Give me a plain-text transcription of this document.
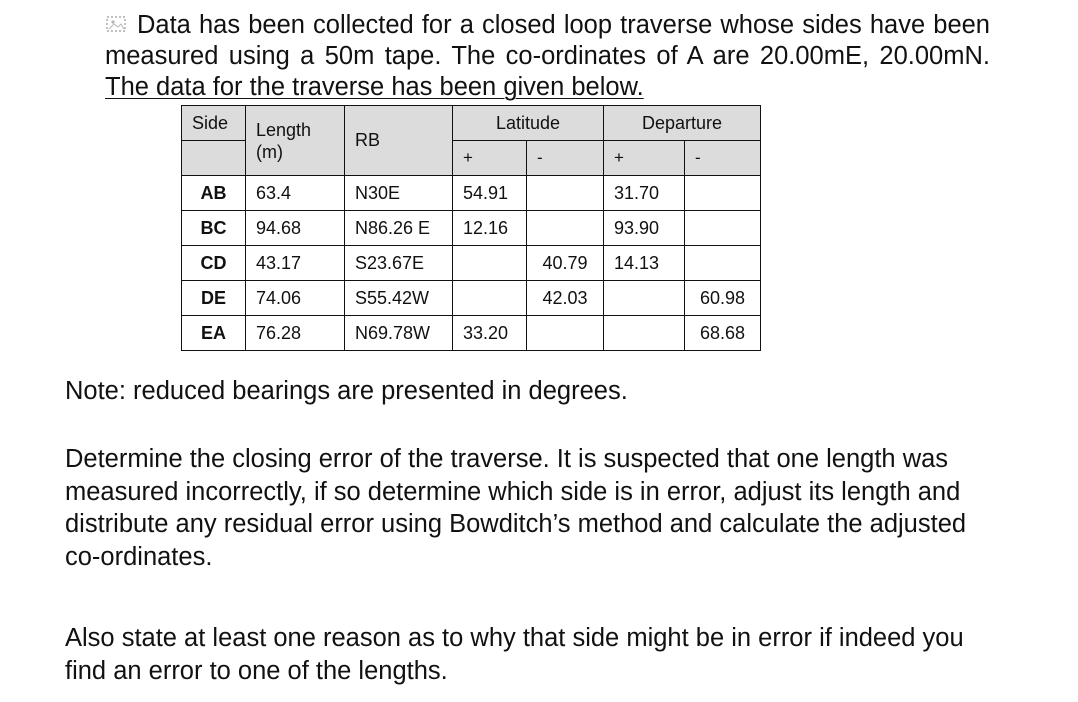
Data has been collected for a closed loop traverse whose sides have been measured using a 50m tape. The co-ordinates of A are 20.00mE, 20.00mN. The data for the traverse has been given below.
Side	Length (m)	RB	Latitude		Departure	
			+	-	+	-
AB	63.4	N30E	54.91		31.70	
BC	94.68	N86.26 E	12.16		93.90	
CD	43.17	S23.67E		40.79	14.13	
DE	74.06	S55.42W		42.03		60.98
EA	76.28	N69.78W	33.20			68.68
Note: reduced bearings are presented in degrees.
Determine the closing error of the traverse. It is suspected that one length was measured incorrectly, if so determine which side is in error, adjust its length and distribute any residual error using Bowditch’s method and calculate the adjusted co-ordinates.
Also state at least one reason as to why that side might be in error if indeed you find an error to one of the lengths.
